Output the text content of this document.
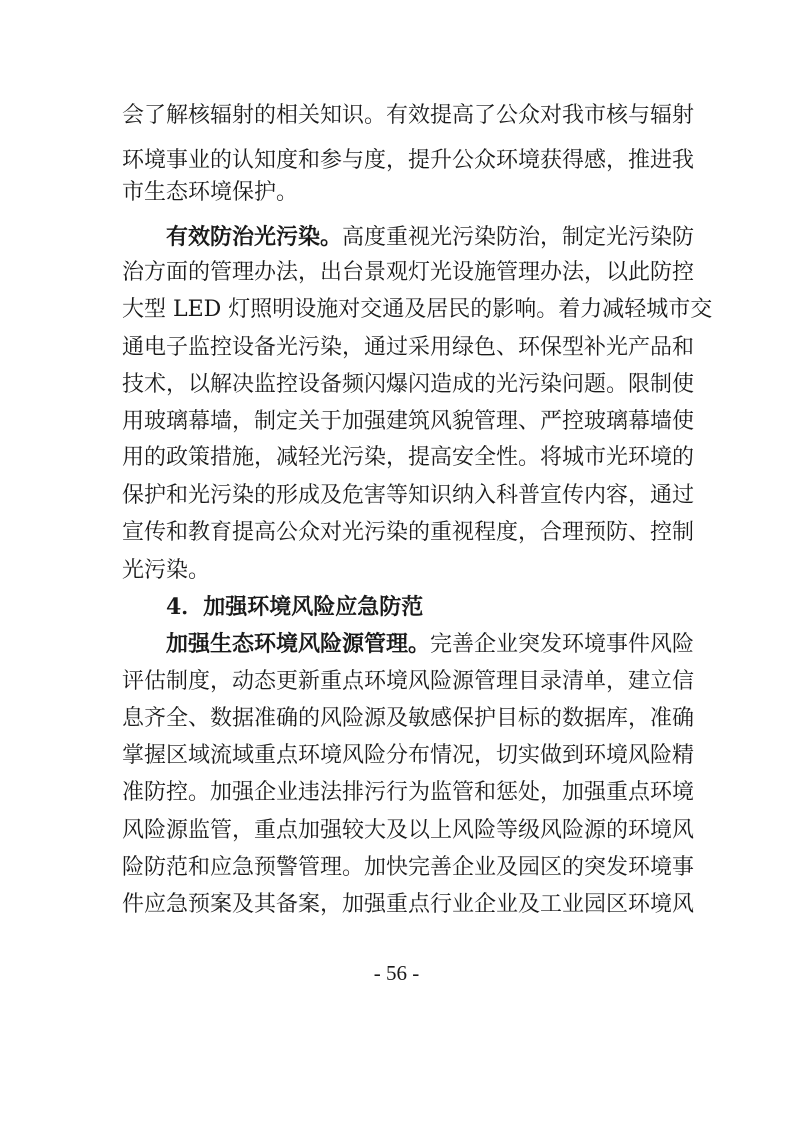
会了解核辐射的相关知识。有效提高了公众对我市核与辐射
环境事业的认知度和参与度，提升公众环境获得感，推进我
市生态环境保护。
有效防治光污染。高度重视光污染防治，制定光污染防
治方面的管理办法，出台景观灯光设施管理办法，以此防控
大型 LED 灯照明设施对交通及居民的影响。着力减轻城市交
通电子监控设备光污染，通过采用绿色、环保型补光产品和
技术，以解决监控设备频闪爆闪造成的光污染问题。限制使
用玻璃幕墙，制定关于加强建筑风貌管理、严控玻璃幕墙使
用的政策措施，减轻光污染，提高安全性。将城市光环境的
保护和光污染的形成及危害等知识纳入科普宣传内容，通过
宣传和教育提高公众对光污染的重视程度，合理预防、控制
光污染。
4．加强环境风险应急防范
加强生态环境风险源管理。完善企业突发环境事件风险
评估制度，动态更新重点环境风险源管理目录清单，建立信
息齐全、数据准确的风险源及敏感保护目标的数据库，准确
掌握区域流域重点环境风险分布情况，切实做到环境风险精
准防控。加强企业违法排污行为监管和惩处，加强重点环境
风险源监管，重点加强较大及以上风险等级风险源的环境风
险防范和应急预警管理。加快完善企业及园区的突发环境事
件应急预案及其备案，加强重点行业企业及工业园区环境风
- 56 -
